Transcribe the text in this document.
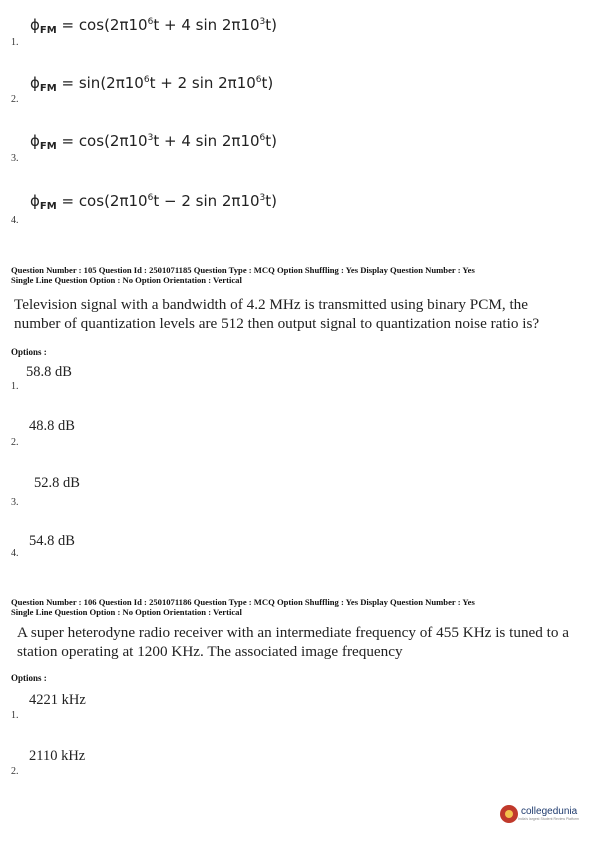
$\phi_{FM} = \cos(2\pi 10^6t + 4$ $\sin 2\pi 10^3t$)
1.
$\phi_{FM} = \sin(2\pi 10^6t + 2$ $\sin 2\pi 10^6t$)
2.
$\phi_{FM} = \cos(2\pi 10^3t + 4$ $\sin 2\pi 10^6t$)
3.
$\phi_{FM} = \cos(2\pi 10^6t - 2$ $\sin 2\pi 10^3t$)
4.
Question Number : 105 Question Id : 2501071185 Question Type : MCQ Option Shuffling : Yes Display Question Number : Yes
Single Line Question Option : No Option Orientation : Vertical
Television signal with a bandwidth of 4.2 MHz is transmitted using binary PCM, the number of quantization levels are 512 then output signal to quantization noise ratio is?
Options :
58.8 dB
1.
48.8 dB
2.
52.8 dB
3.
54.8 dB
4.
Question Number : 106 Question Id : 2501071186 Question Type : MCQ Option Shuffling : Yes Display Question Number : Yes
Single Line Question Option : No Option Orientation : Vertical
A super heterodyne radio receiver with an intermediate frequency of 455 KHz is tuned to a station operating at 1200 KHz. The associated image frequency
Options :
4221 kHz
1.
2110 kHz
2.
collegedunia
India's largest Student Review Platform
